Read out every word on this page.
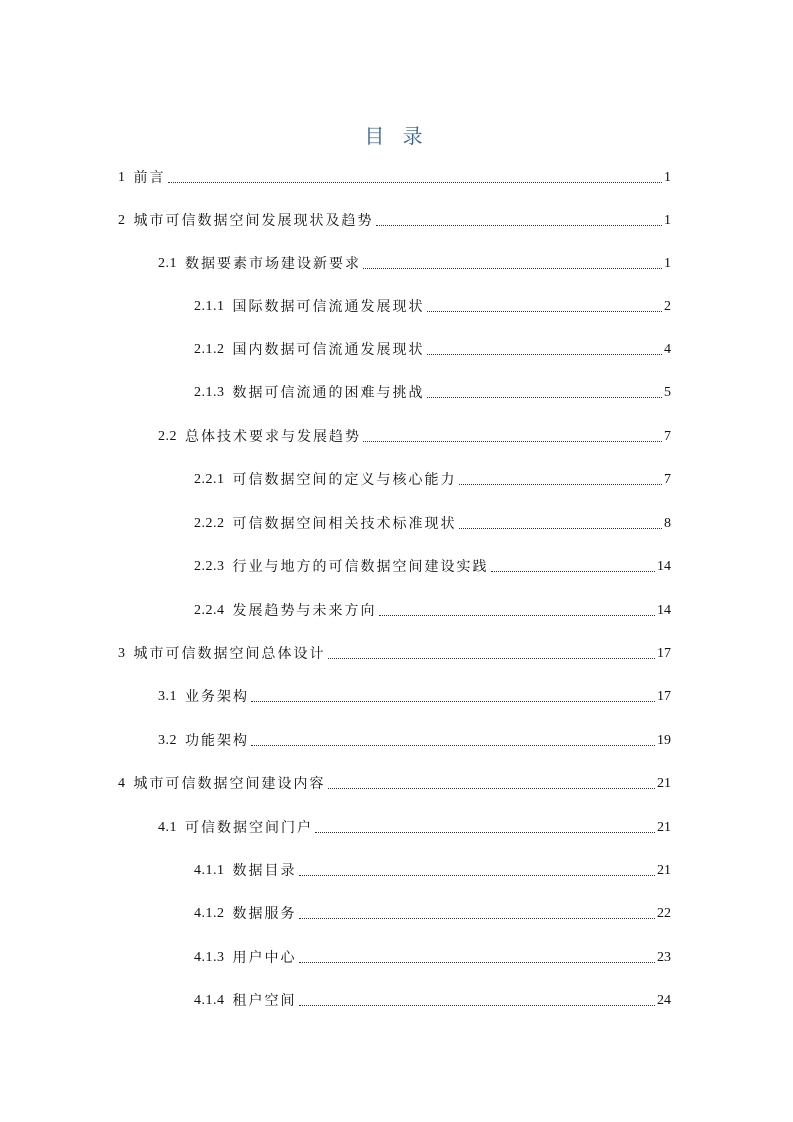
目 录
1 前言	1
2 城市可信数据空间发展现状及趋势	1
2.1 数据要素市场建设新要求	1
2.1.1 国际数据可信流通发展现状	2
2.1.2 国内数据可信流通发展现状	4
2.1.3 数据可信流通的困难与挑战	5
2.2 总体技术要求与发展趋势	7
2.2.1 可信数据空间的定义与核心能力	7
2.2.2 可信数据空间相关技术标准现状	8
2.2.3 行业与地方的可信数据空间建设实践	14
2.2.4 发展趋势与未来方向	14
3 城市可信数据空间总体设计	17
3.1 业务架构	17
3.2 功能架构	19
4 城市可信数据空间建设内容	21
4.1 可信数据空间门户	21
4.1.1 数据目录	21
4.1.2 数据服务	22
4.1.3 用户中心	23
4.1.4 租户空间	24
